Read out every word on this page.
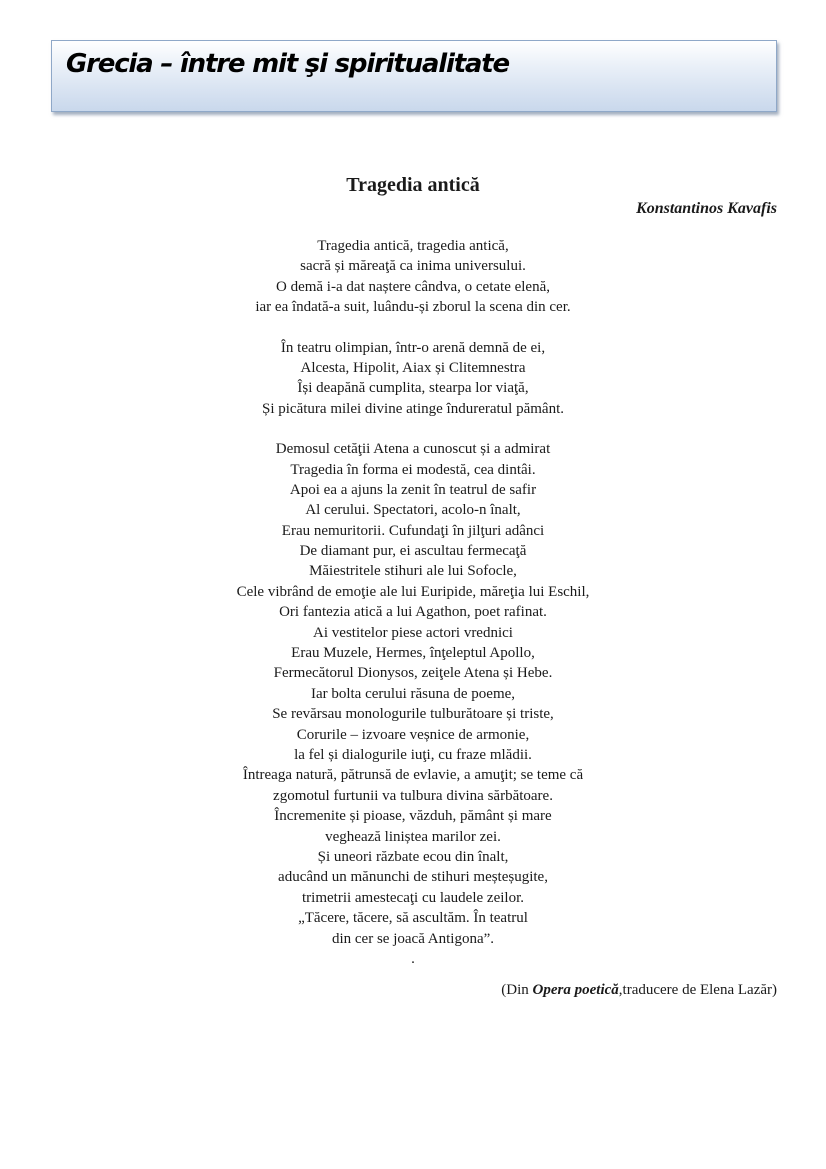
Grecia – între mit şi spiritualitate
Tragedia antică
Konstantinos Kavafis
Tragedia antică, tragedia antică,
sacră și măreaţă ca inima universului.
O demă i-a dat naștere cândva, o cetate elenă,
iar ea îndată-a suit, luându-și zborul la scena din cer.
În teatru olimpian, într-o arenă demnă de ei,
Alcesta, Hipolit, Aiax și Clitemnestra
Își deapănă cumplita, stearpa lor viaţă,
Și picătura milei divine atinge îndureratul pământ.
Demosul cetăţii Atena a cunoscut și a admirat
Tragedia în forma ei modestă, cea dintâi.
Apoi ea a ajuns la zenit în teatrul de safir
Al cerului. Spectatori, acolo-n înalt,
Erau nemuritorii. Cufundaţi în jilţuri adânci
De diamant pur, ei ascultau fermecaţă
Măiestritele stihuri ale lui Sofocle,
Cele vibrând de emoţie ale lui Euripide, măreţia lui Eschil,
Ori fantezia atică a lui Agathon, poet rafinat.
Ai vestitelor piese actori vrednici
Erau Muzele, Hermes, înţeleptul Apollo,
Fermecătorul Dionysos, zeiţele Atena și Hebe.
Iar bolta cerului răsuna de poeme,
Se revărsau monologurile tulburătoare și triste,
Corurile – izvoare veșnice de armonie,
la fel și dialogurile iuţi, cu fraze mlădii.
Întreaga natură, pătrunsă de evlavie, a amuţit; se teme că
zgomotul furtunii va tulbura divina sărbătoare.
Încremenite și pioase, văzduh, pământ și mare
veghează liniștea marilor zei.
Și uneori răzbate ecou din înalt,
aducând un mănunchi de stihuri meșteșugite,
trimetrii amestecaţi cu laudele zeilor.
„Tăcere, tăcere, să ascultăm. În teatrul
din cer se joacă Antigona”.
.
(Din Opera poetică,traducere de Elena Lazăr)
